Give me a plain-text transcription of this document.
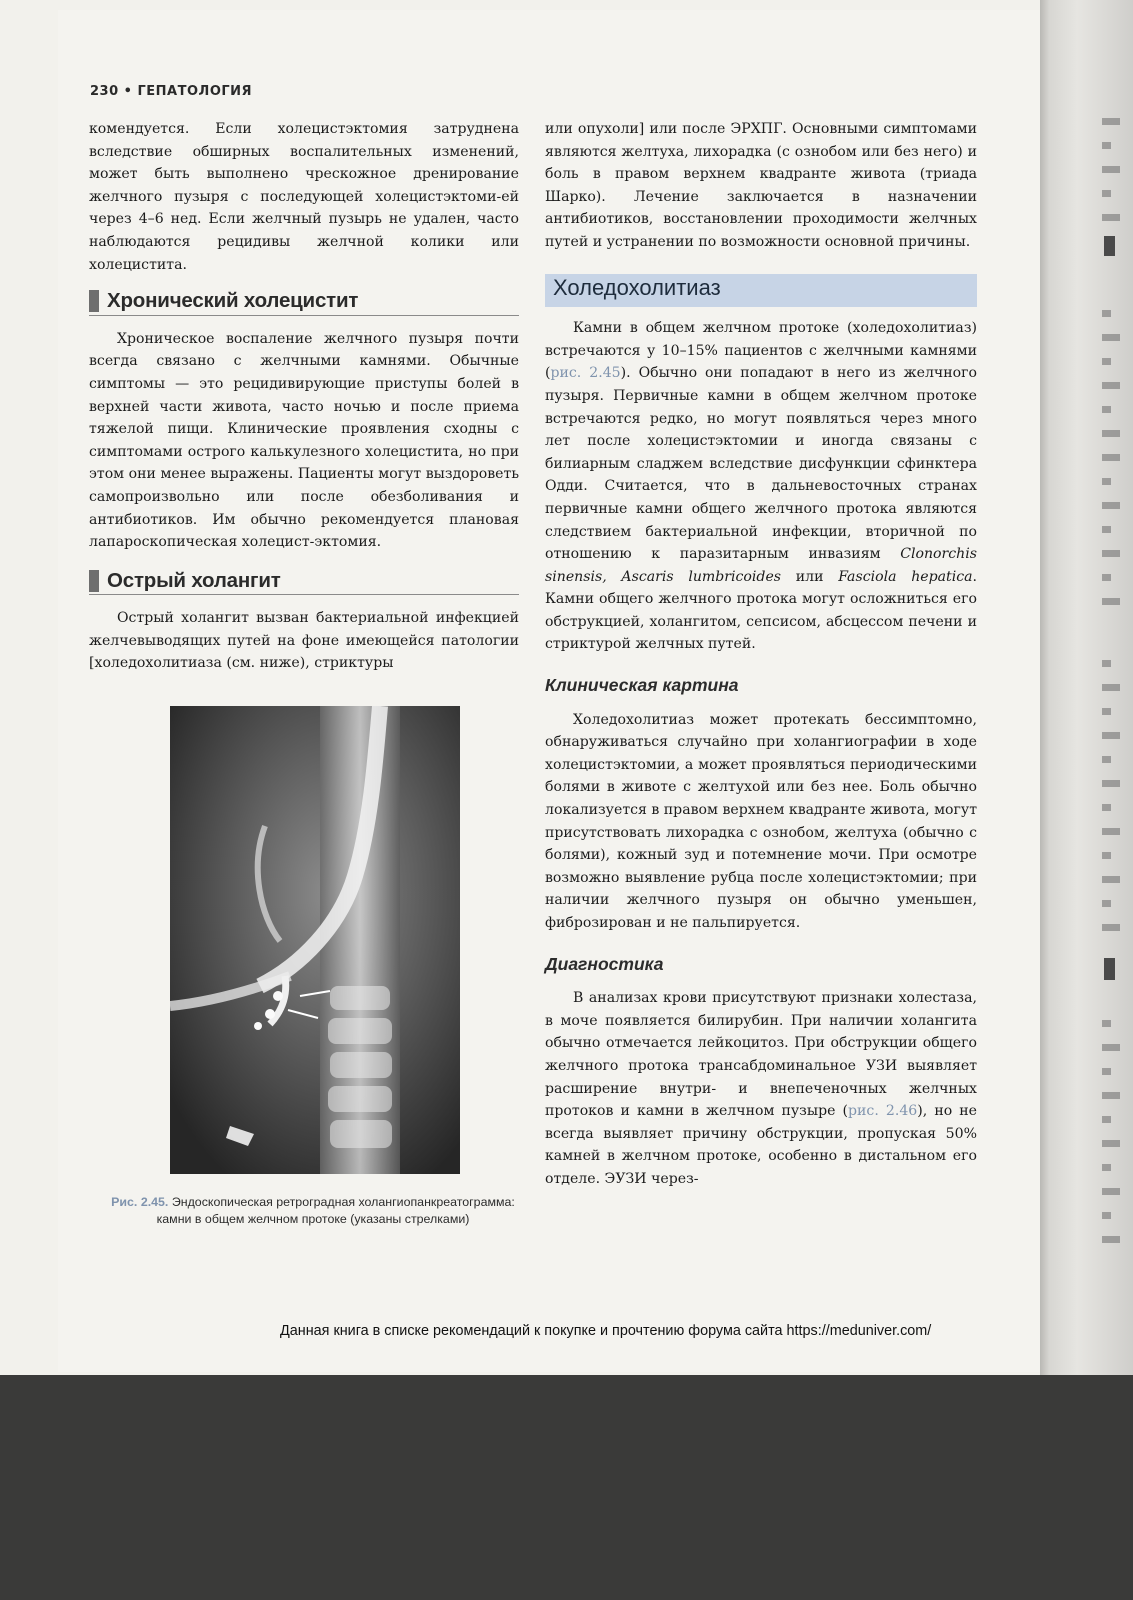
230 • ГЕПАТОЛОГИЯ

комендуется. Если холецистэктомия затруднена вследствие обширных воспалительных изменений, может быть выполнено чрескожное дренирование желчного пузыря с последующей холецистэктоми-ей через 4–6 нед. Если желчный пузырь не удален, часто наблюдаются рецидивы желчной колики или холецистита.

Хронический холецистит

Хроническое воспаление желчного пузыря почти всегда связано с желчными камнями. Обычные симптомы — это рецидивирующие приступы болей в верхней части живота, часто ночью и после приема тяжелой пищи. Клинические проявления сходны с симптомами острого калькулезного холецистита, но при этом они менее выражены. Пациенты могут выздороветь самопроизвольно или после обезболивания и антибиотиков. Им обычно рекомендуется плановая лапароскопическая холецист-эктомия.

Острый холангит

Острый холангит вызван бактериальной инфекцией желчевыводящих путей на фоне имеющейся патологии [холедохолитиаза (см. ниже), стриктуры

Рис. 2.45. Эндоскопическая ретроградная холангиопанкреатограмма: камни в общем желчном протоке (указаны стрелками)

или опухоли] или после ЭРХПГ. Основными симптомами являются желтуха, лихорадка (с ознобом или без него) и боль в правом верхнем квадранте живота (триада Шарко). Лечение заключается в назначении антибиотиков, восстановлении проходимости желчных путей и устранении по возможности основной причины.

Холедохолитиаз

Камни в общем желчном протоке (холедохолитиаз) встречаются у 10–15% пациентов с желчными камнями (рис. 2.45). Обычно они попадают в него из желчного пузыря. Первичные камни в общем желчном протоке встречаются редко, но могут появляться через много лет после холецистэктомии и иногда связаны с билиарным сладжем вследствие дисфункции сфинктера Одди. Считается, что в дальневосточных странах первичные камни общего желчного протока являются следствием бактериальной инфекции, вторичной по отношению к паразитарным инвазиям Clonorchis sinensis, Ascaris lumbricoides или Fasciola hepatica. Камни общего желчного протока могут осложниться его обструкцией, холангитом, сепсисом, абсцессом печени и стриктурой желчных путей.

Клиническая картина

Холедохолитиаз может протекать бессимптомно, обнаруживаться случайно при холангиографии в ходе холецистэктомии, а может проявляться периодическими болями в животе с желтухой или без нее. Боль обычно локализуется в правом верхнем квадранте живота, могут присутствовать лихорадка с ознобом, желтуха (обычно с болями), кожный зуд и потемнение мочи. При осмотре возможно выявление рубца после холецистэктомии; при наличии желчного пузыря он обычно уменьшен, фиброзирован и не пальпируется.

Диагностика

В анализах крови присутствуют признаки холестаза, в моче появляется билирубин. При наличии холангита обычно отмечается лейкоцитоз. При обструкции общего желчного протока трансабдоминальное УЗИ выявляет расширение внутри- и внепеченочных желчных протоков и камни в желчном пузыре (рис. 2.46), но не всегда выявляет причину обструкции, пропуская 50% камней в желчном протоке, особенно в дистальном его отделе. ЭУЗИ через-

Данная книга в списке рекомендаций к покупке и прочтению форума сайта https://meduniver.com/
